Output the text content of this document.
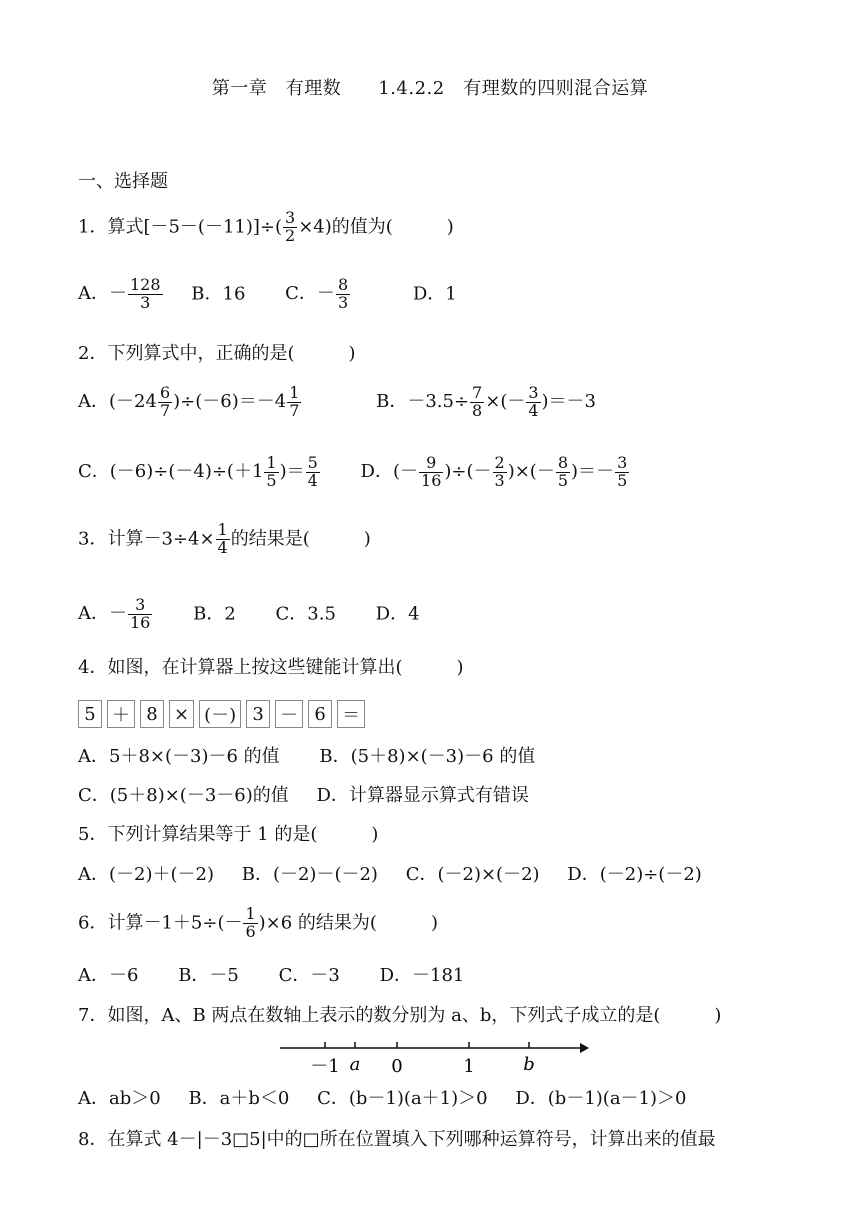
第一章　有理数　　1.4.2.2　有理数的四则混合运算
一、选择题
1．算式$[-5-(-11)]\div( \frac{3}{2} \times 4)$的值为(　　　)
A．－ $\frac{128}{3}$ B．16 C．－ $\frac{8}{3}$	D．1
2．下列算式中，正确的是(　　　)
A．$(-24 \frac{6}{7} )\div(-6)=-4 \frac{1}{7}$	B．$-3.5\div \frac{7}{8}$ ×(－ $\frac{3}{4} )=-3$
C．$(-6)\div(-4)\div(+1 \frac{1}{5}$ )＝ $\frac{5}{4}$ D．(－ $\frac{9}{16}$ )÷(－ $\frac{2}{3}$ )×(－ $\frac{8}{5}$ )＝－ $\frac{3}{5}$
3．计算$-3\div 4\times \frac{1}{4}$ 的结果是(　　　)
A．－ $\frac{3}{16}$ B．2 C．3.5 D．4
4．如图，在计算器上按这些键能计算出(　　　)
5 ＋ 8 × (－) 3 － 6 ＝
A．5＋8×(－3)－6 的值 B．(5＋8)×(－3)－6 的值
C．(5＋8)×(－3－6)的值 D．计算器显示算式有错误
5．下列计算结果等于 1 的是(　　　)
A．(－2)＋(－2) B．(－2)－(－2) C．(－2)×(－2) D．(－2)÷(－2)
6．计算$-1+5\div(- \frac{1}{6} )\times 6$ 的结果为(　　　)
A．－6 B．－5 C．－3 D．－181
7．如图，A、B 两点在数轴上表示的数分别为 a、b，下列式子成立的是(　　　)
－1 a 0	1	b
A．ab＞0 B．a＋b＜0 C．(b－1)(a＋1)＞0 D．(b－1)(a－1)＞0
8．在算式 4－|－3□5|中的□所在位置填入下列哪种运算符号，计算出来的值最
